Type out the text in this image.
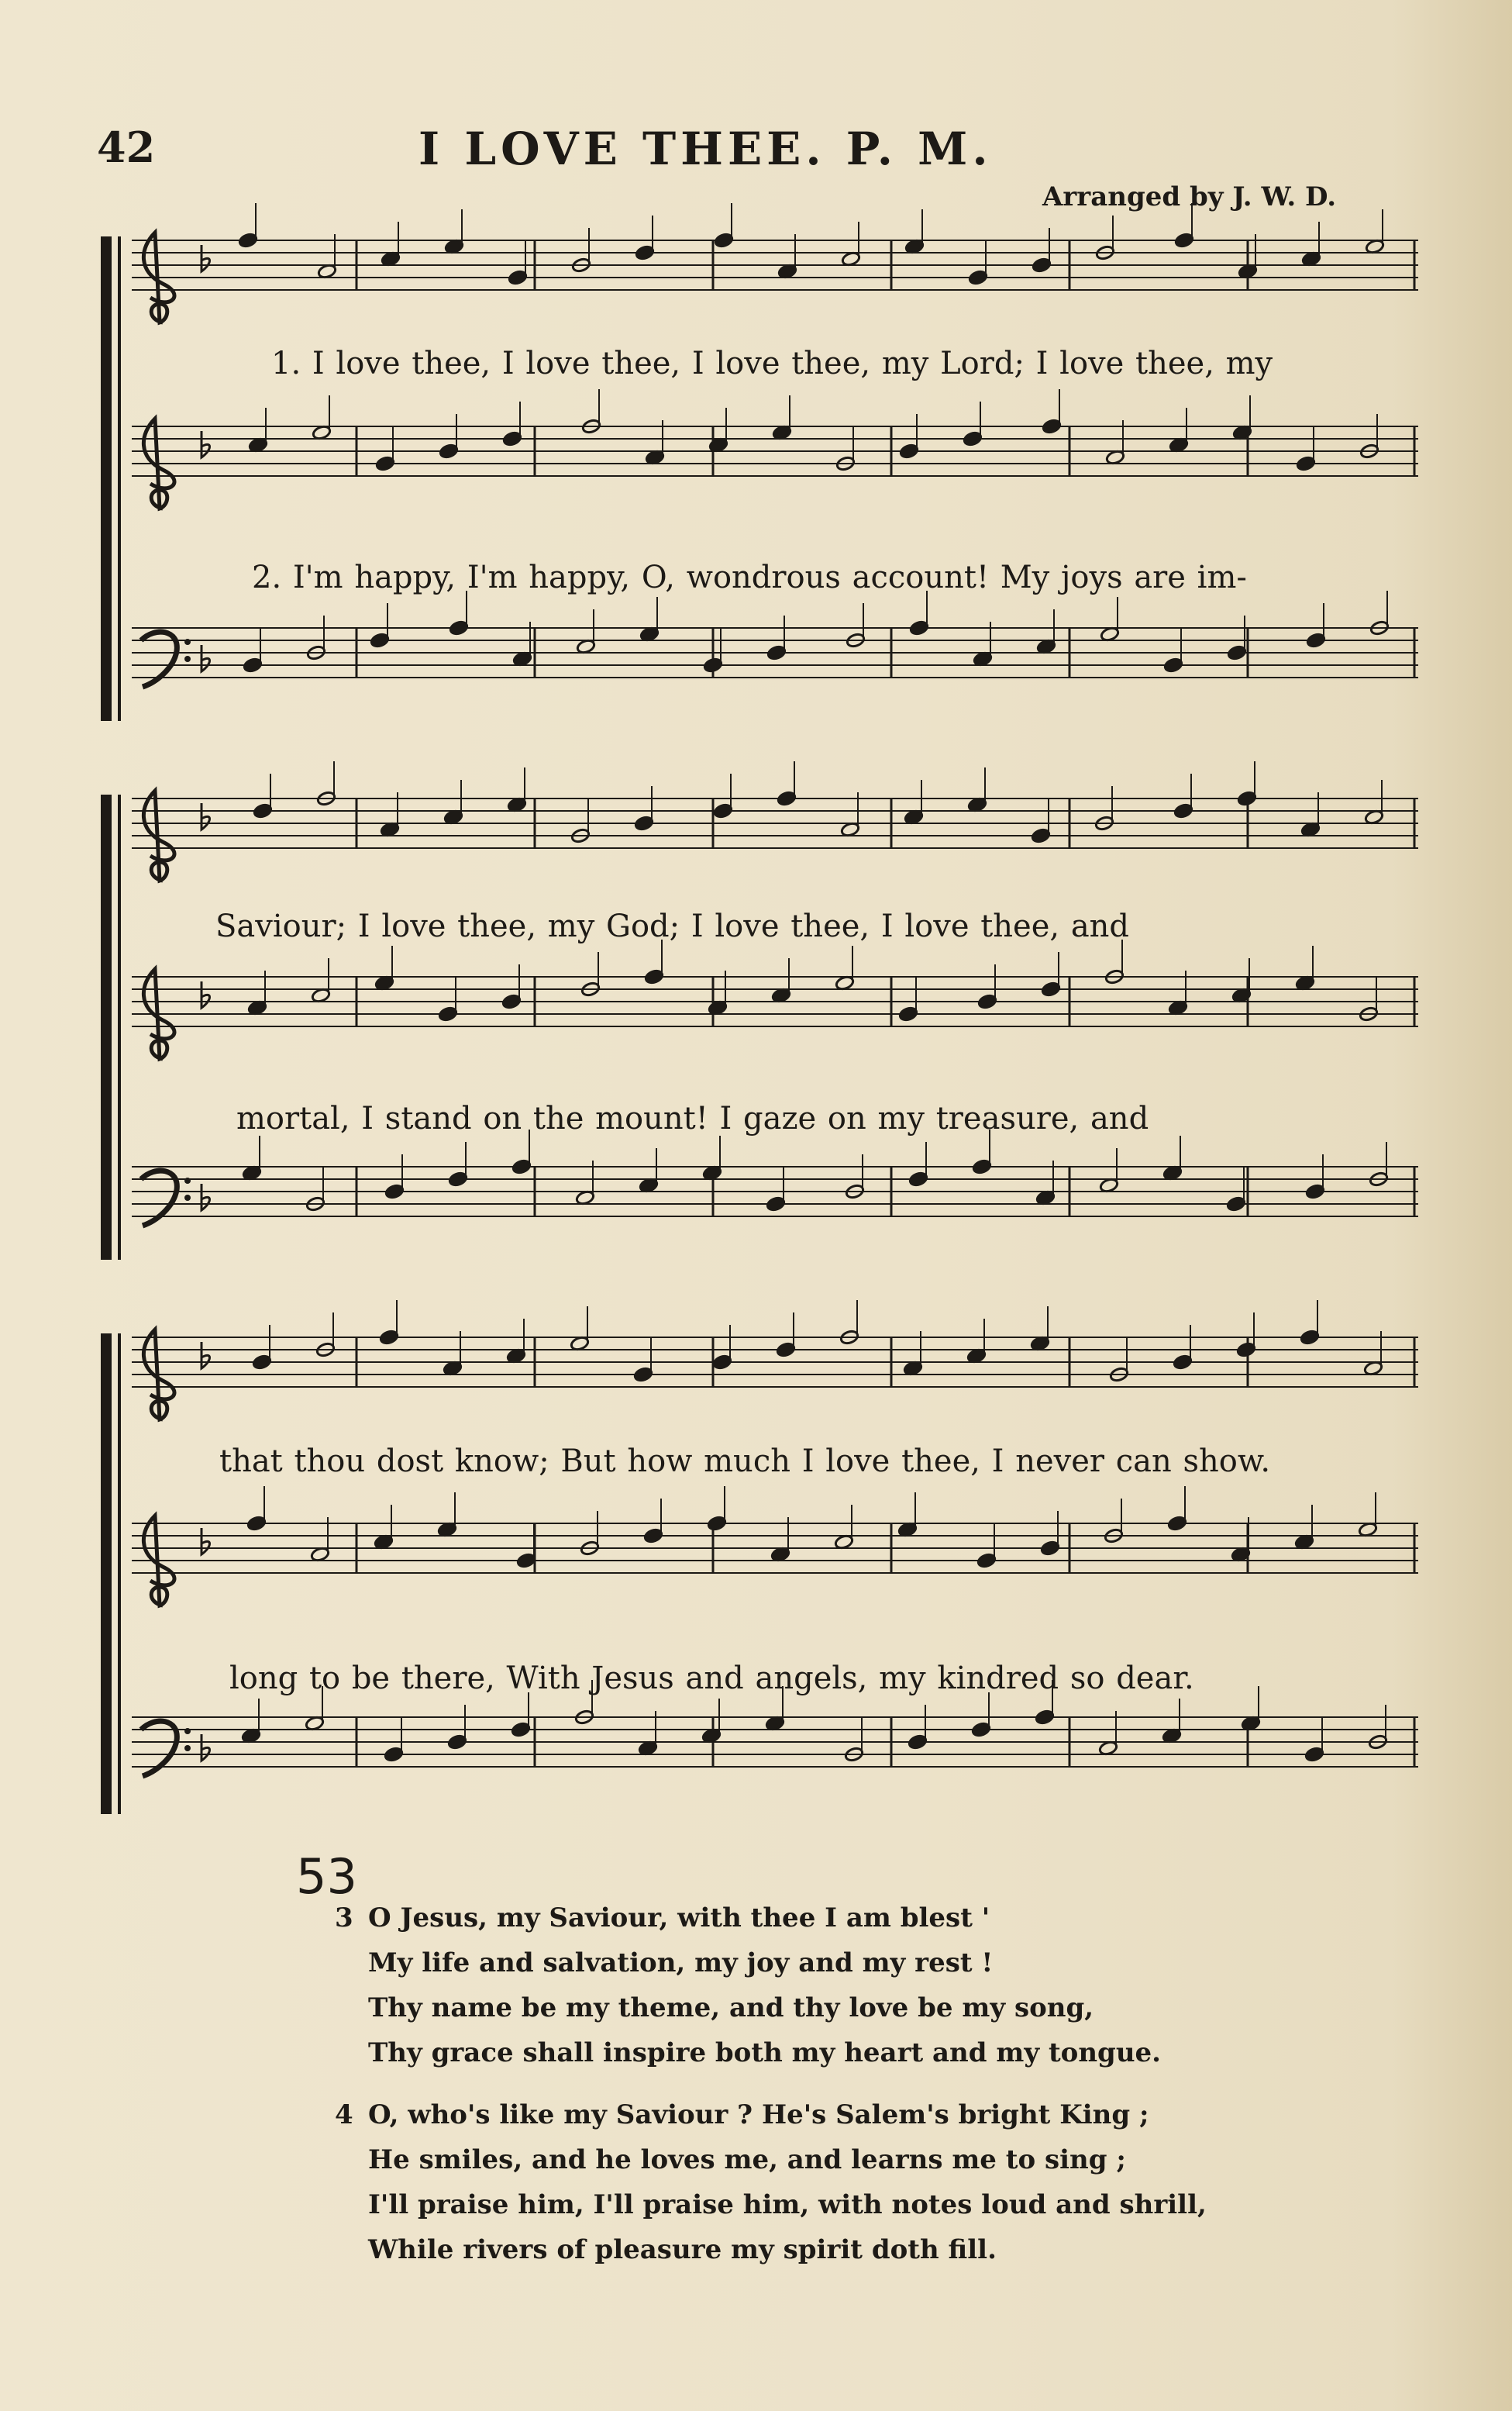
42	I LOVE THEE. P. M.
Arranged by J. W. D.
1. I love thee, I love thee, I love thee, my Lord; I love thee, my
2. I'm happy, I'm happy, O, wondrous account! My joys are im-
Saviour; I love thee, my God; I love thee, I love thee, and
mortal, I stand on the mount! I gaze on my treasure, and
that thou dost know; But how much I love thee, I never can show.
long to be there, With Jesus and angels, my kindred so dear.
53
3 O Jesus, my Saviour, with thee I am blest '
My life and salvation, my joy and my rest !
Thy name be my theme, and thy love be my song,
Thy grace shall inspire both my heart and my tongue.
4 O, who's like my Saviour ? He's Salem's bright King ;
He smiles, and he loves me, and learns me to sing ;
I'll praise him, I'll praise him, with notes loud and shrill,
While rivers of pleasure my spirit doth fill.
